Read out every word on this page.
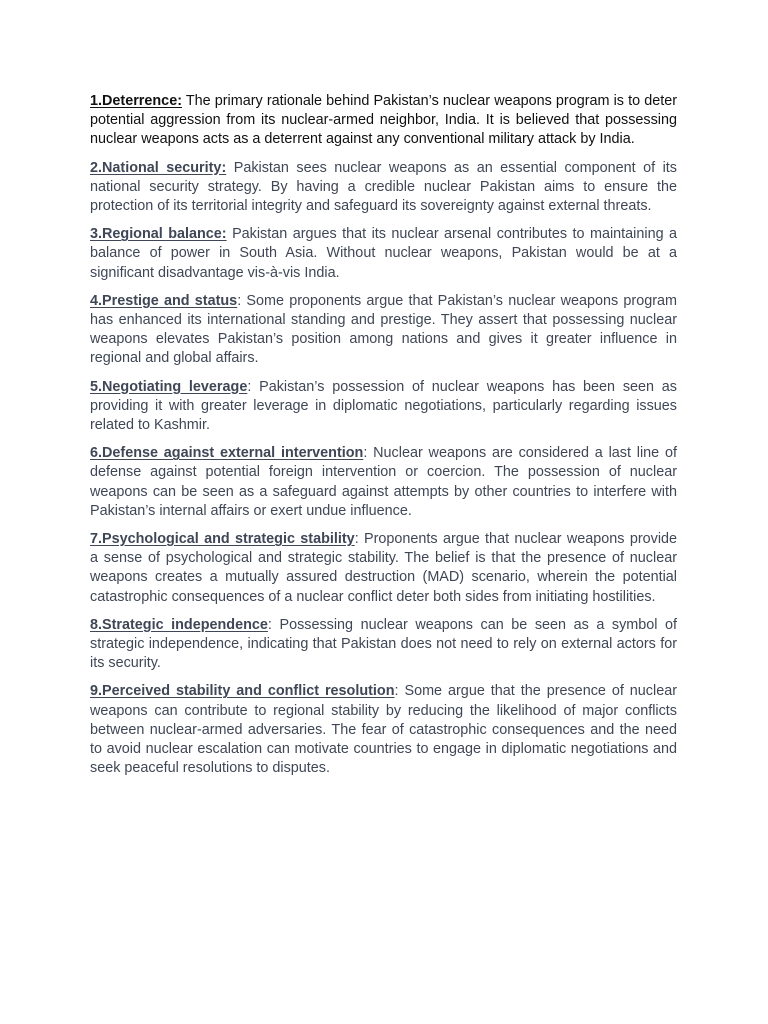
1.Deterrence: The primary rationale behind Pakistan’s nuclear weapons program is to deter potential aggression from its nuclear-armed neighbor, India. It is believed that possessing nuclear weapons acts as a deterrent against any conventional military attack by India.

2.National security: Pakistan sees nuclear weapons as an essential component of its national security strategy. By having a credible nuclear Pakistan aims to ensure the protection of its territorial integrity and safeguard its sovereignty against external threats.

3.Regional balance: Pakistan argues that its nuclear arsenal contributes to maintaining a balance of power in South Asia. Without nuclear weapons, Pakistan would be at a significant disadvantage vis-à-vis India.

4.Prestige and status: Some proponents argue that Pakistan’s nuclear weapons program has enhanced its international standing and prestige. They assert that possessing nuclear weapons elevates Pakistan’s position among nations and gives it greater influence in regional and global affairs.

5.Negotiating leverage: Pakistan’s possession of nuclear weapons has been seen as providing it with greater leverage in diplomatic negotiations, particularly regarding issues related to Kashmir.

6.Defense against external intervention: Nuclear weapons are considered a last line of defense against potential foreign intervention or coercion. The possession of nuclear weapons can be seen as a safeguard against attempts by other countries to interfere with Pakistan’s internal affairs or exert undue influence.

7.Psychological and strategic stability: Proponents argue that nuclear weapons provide a sense of psychological and strategic stability. The belief is that the presence of nuclear weapons creates a mutually assured destruction (MAD) scenario, wherein the potential catastrophic consequences of a nuclear conflict deter both sides from initiating hostilities.

8.Strategic independence: Possessing nuclear weapons can be seen as a symbol of strategic independence, indicating that Pakistan does not need to rely on external actors for its security.

9.Perceived stability and conflict resolution: Some argue that the presence of nuclear weapons can contribute to regional stability by reducing the likelihood of major conflicts between nuclear-armed adversaries. The fear of catastrophic consequences and the need to avoid nuclear escalation can motivate countries to engage in diplomatic negotiations and seek peaceful resolutions to disputes.
